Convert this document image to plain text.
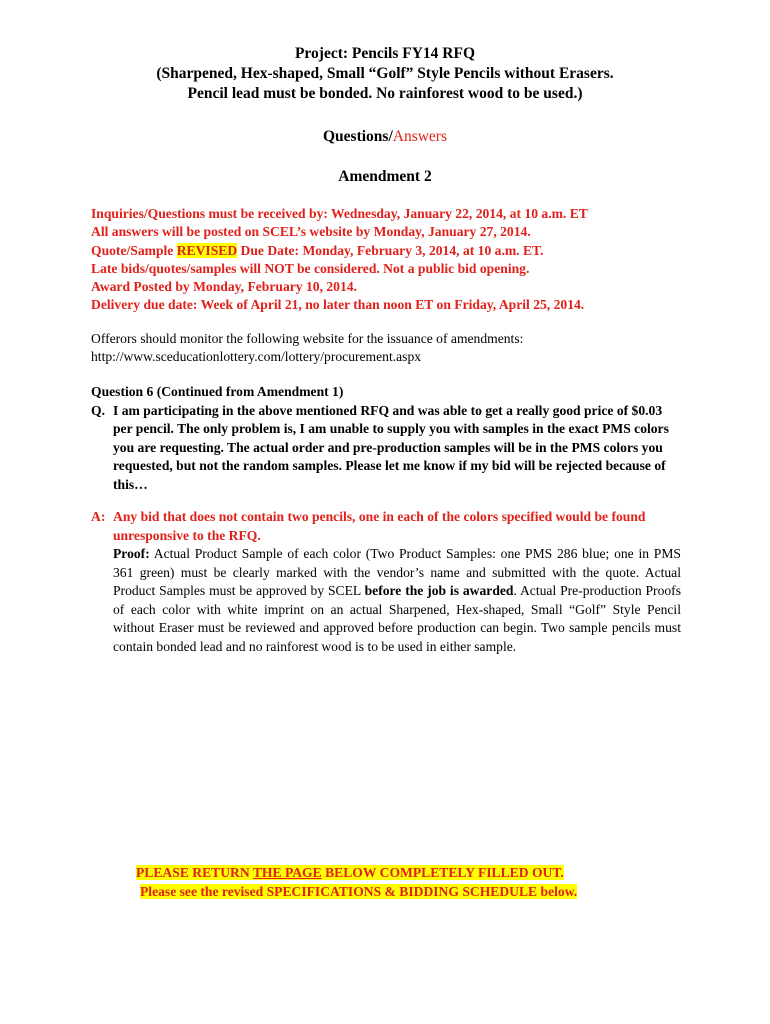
Project: Pencils FY14 RFQ
(Sharpened, Hex-shaped, Small “Golf” Style Pencils without Erasers.
Pencil lead must be bonded. No rainforest wood to be used.)
Questions/Answers
Amendment 2
Inquiries/Questions must be received by: Wednesday, January 22, 2014, at 10 a.m. ET
All answers will be posted on SCEL’s website by Monday, January 27, 2014.
Quote/Sample REVISED Due Date: Monday, February 3, 2014, at 10 a.m. ET.
Late bids/quotes/samples will NOT be considered. Not a public bid opening.
Award Posted by Monday, February 10, 2014.
Delivery due date: Week of April 21, no later than noon ET on Friday, April 25, 2014.
Offerors should monitor the following website for the issuance of amendments:
http://www.sceducationlottery.com/lottery/procurement.aspx
Question 6 (Continued from Amendment 1)
Q. I am participating in the above mentioned RFQ and was able to get a really good price of $0.03 per pencil. The only problem is, I am unable to supply you with samples in the exact PMS colors you are requesting. The actual order and pre-production samples will be in the PMS colors you requested, but not the random samples. Please let me know if my bid will be rejected because of this…
A: Any bid that does not contain two pencils, one in each of the colors specified would be found unresponsive to the RFQ.
Proof: Actual Product Sample of each color (Two Product Samples: one PMS 286 blue; one in PMS 361 green) must be clearly marked with the vendor’s name and submitted with the quote. Actual Product Samples must be approved by SCEL before the job is awarded. Actual Pre-production Proofs of each color with white imprint on an actual Sharpened, Hex-shaped, Small “Golf” Style Pencil without Eraser must be reviewed and approved before production can begin. Two sample pencils must contain bonded lead and no rainforest wood is to be used in either sample.
PLEASE RETURN THE PAGE BELOW COMPLETELY FILLED OUT.
Please see the revised SPECIFICATIONS & BIDDING SCHEDULE below.
